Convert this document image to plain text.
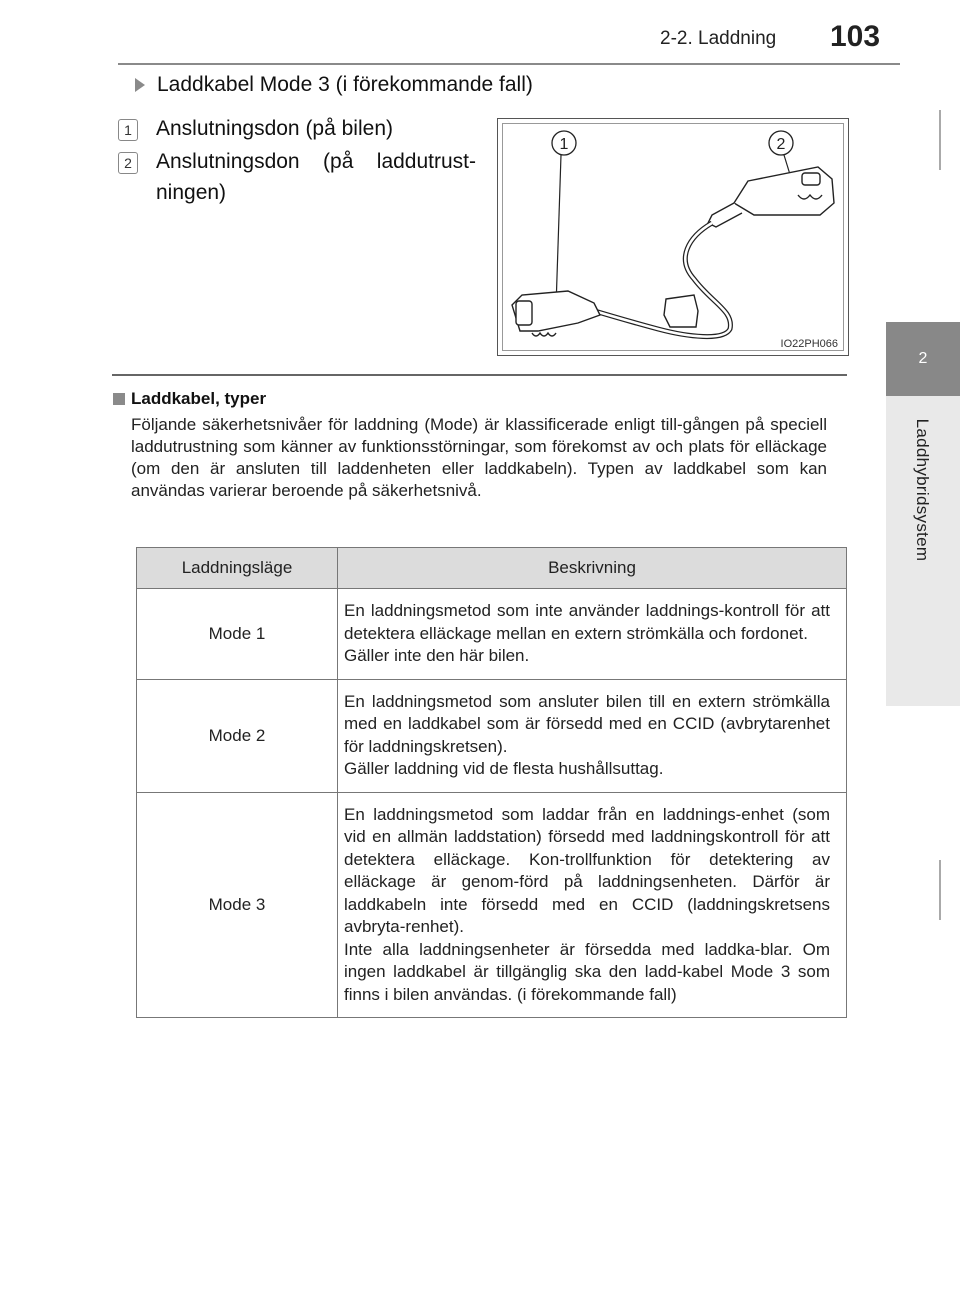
2-2. Laddning 103
2
Laddhybridsystem
Laddkabel Mode 3 (i förekommande fall)
1 Anslutningsdon (på bilen)
2 Anslutningsdon (på laddutrust-ningen)
1	2
IO22PH066
Laddkabel, typer
Följande säkerhetsnivåer för laddning (Mode) är klassificerade enligt till-gången på speciell laddutrustning som känner av funktionsstörningar, som förekomst av och plats för elläckage (om den är ansluten till laddenheten eller laddkabeln). Typen av laddkabel som kan användas varierar beroende på säkerhetsnivå.
Laddningsläge	Beskrivning
Mode 1	En laddningsmetod som inte använder laddnings-kontroll för att detektera elläckage mellan en extern strömkälla och fordonet.
Gäller inte den här bilen.

Mode 2	En laddningsmetod som ansluter bilen till en extern strömkälla med en laddkabel som är försedd med en CCID (avbrytarenhet för laddningskretsen).
Gäller laddning vid de flesta hushållsuttag.

Mode 3	En laddningsmetod som laddar från en laddnings-enhet (som vid en allmän laddstation) försedd med laddningskontroll för att detektera elläckage. Kon-trollfunktion för detektering av elläckage är genom-förd på laddningsenheten. Därför är laddkabeln inte försedd med en CCID (laddningskretsens avbryta-renhet).
Inte alla laddningsenheter är försedda med laddka-blar. Om ingen laddkabel är tillgänglig ska den ladd-kabel Mode 3 som finns i bilen användas. (i förekommande fall)
